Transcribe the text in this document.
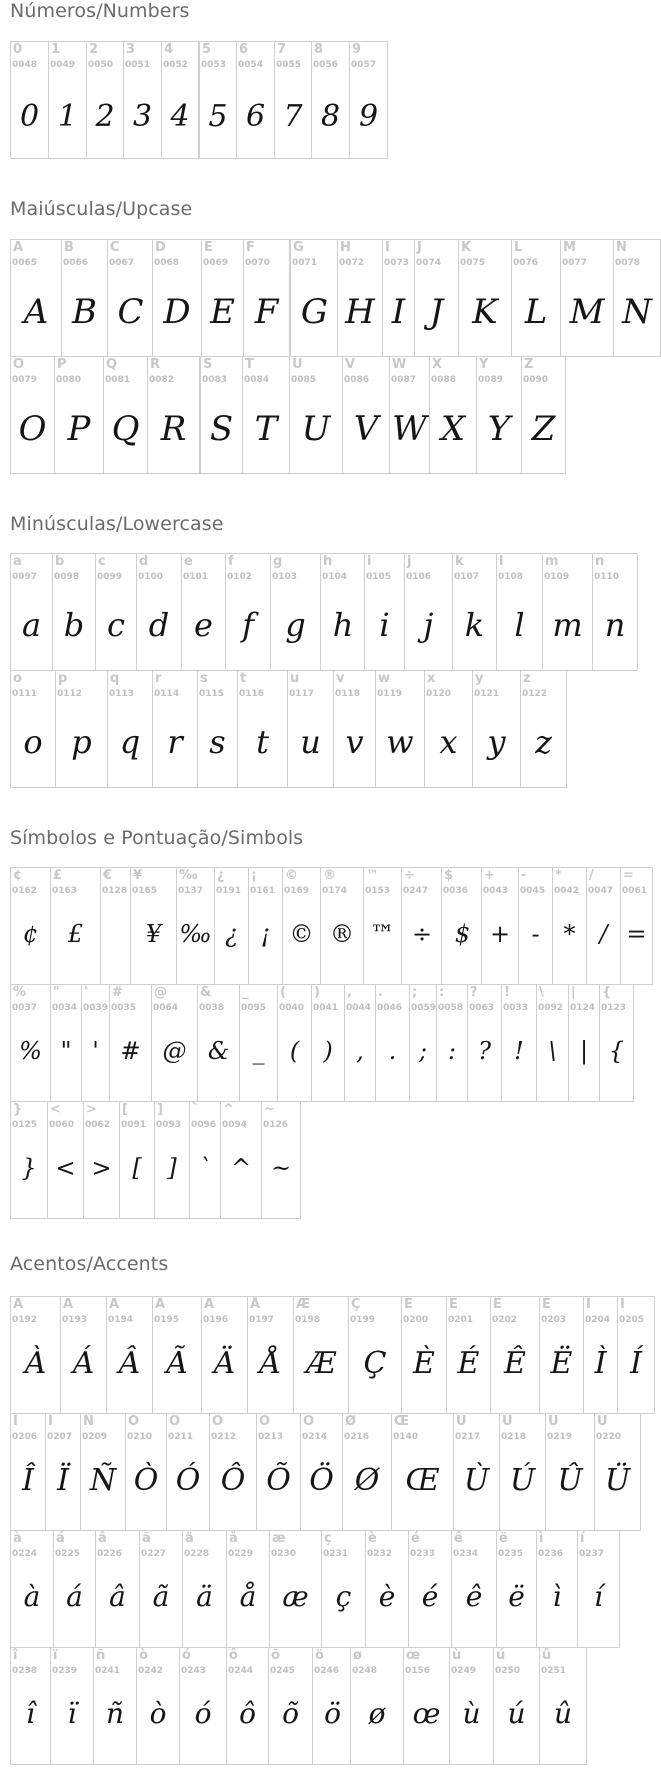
Números/Numbers
0
0048
0
1
0049
1
2
0050
2
3
0051
3
4
0052
4
5
0053
5
6
0054
6
7
0055
7
8
0056
8
9
0057
9
Maiúsculas/Upcase
A
0065
A
B
0066
B
C
0067
C
D
0068
D
E
0069
E
F
0070
F
G
0071
G
H
0072
H
I
0073
I
J
0074
J
K
0075
K
L
0076
L
M
0077
M
N
0078
N
O
0079
O
P
0080
P
Q
0081
Q
R
0082
R
S
0083
S
T
0084
T
U
0085
U
V
0086
V
W
0087
W
X
0088
X
Y
0089
Y
Z
0090
Z
Minúsculas/Lowercase
a
0097
a
b
0098
b
c
0099
c
d
0100
d
e
0101
e
f
0102
f
g
0103
g
h
0104
h
i
0105
i
j
0106
j
k
0107
k
l
0108
l
m
0109
m
n
0110
n
o
0111
o
p
0112
p
q
0113
q
r
0114
r
s
0115
s
t
0116
t
u
0117
u
v
0118
v
w
0119
w
x
0120
x
y
0121
y
z
0122
z
Símbolos e Pontuação/Simbols
¢
0162
¢
£
0163
£
€
0128
¥
0165
¥
‰
0137
‰
¿
0191
¿
¡
0161
¡
©
0169
©
®
0174
®
™
0153
™
÷
0247
÷
$
0036
$
+
0043
+
-
0045
-
*
0042
*
/
0047
/
=
0061
=
%
0037
%
"
0034
"
'
0039
'
#
0035
#
@
0064
@
&
0038
&
_
0095
_
(
0040
(
)
0041
)
,
0044
,
.
0046
.
;
0059
;
:
0058
:
?
0063
?
!
0033
!
\
0092
\
|
0124
|
{
0123
{
}
0125
}
<
0060
<
>
0062
>
[
0091
[
]
0093
]
`
0096
`
^
0094
^
~
0126
~
Acentos/Accents
À
0192
À
Á
0193
Á
Â
0194
Â
Ã
0195
Ã
Ä
0196
Ä
Å
0197
Å
Æ
0198
Æ
Ç
0199
Ç
È
0200
È
É
0201
É
Ê
0202
Ê
Ë
0203
Ë
Ì
0204
Ì
Í
0205
Í
Î
0206
Î
Ï
0207
Ï
Ñ
0209
Ñ
Ò
0210
Ò
Ó
0211
Ó
Ô
0212
Ô
Õ
0213
Õ
Ö
0214
Ö
Ø
0216
Ø
Œ
0140
Œ
Ù
0217
Ù
Ú
0218
Ú
Û
0219
Û
Ü
0220
Ü
à
0224
à
á
0225
á
â
0226
â
ã
0227
ã
ä
0228
ä
å
0229
å
æ
0230
æ
ç
0231
ç
è
0232
è
é
0233
é
ê
0234
ê
ë
0235
ë
ì
0236
ì
í
0237
í
î
0238
î
ï
0239
ï
ñ
0241
ñ
ò
0242
ò
ó
0243
ó
ô
0244
ô
õ
0245
õ
ö
0246
ö
ø
0248
ø
œ
0156
œ
ù
0249
ù
ú
0250
ú
û
0251
û
